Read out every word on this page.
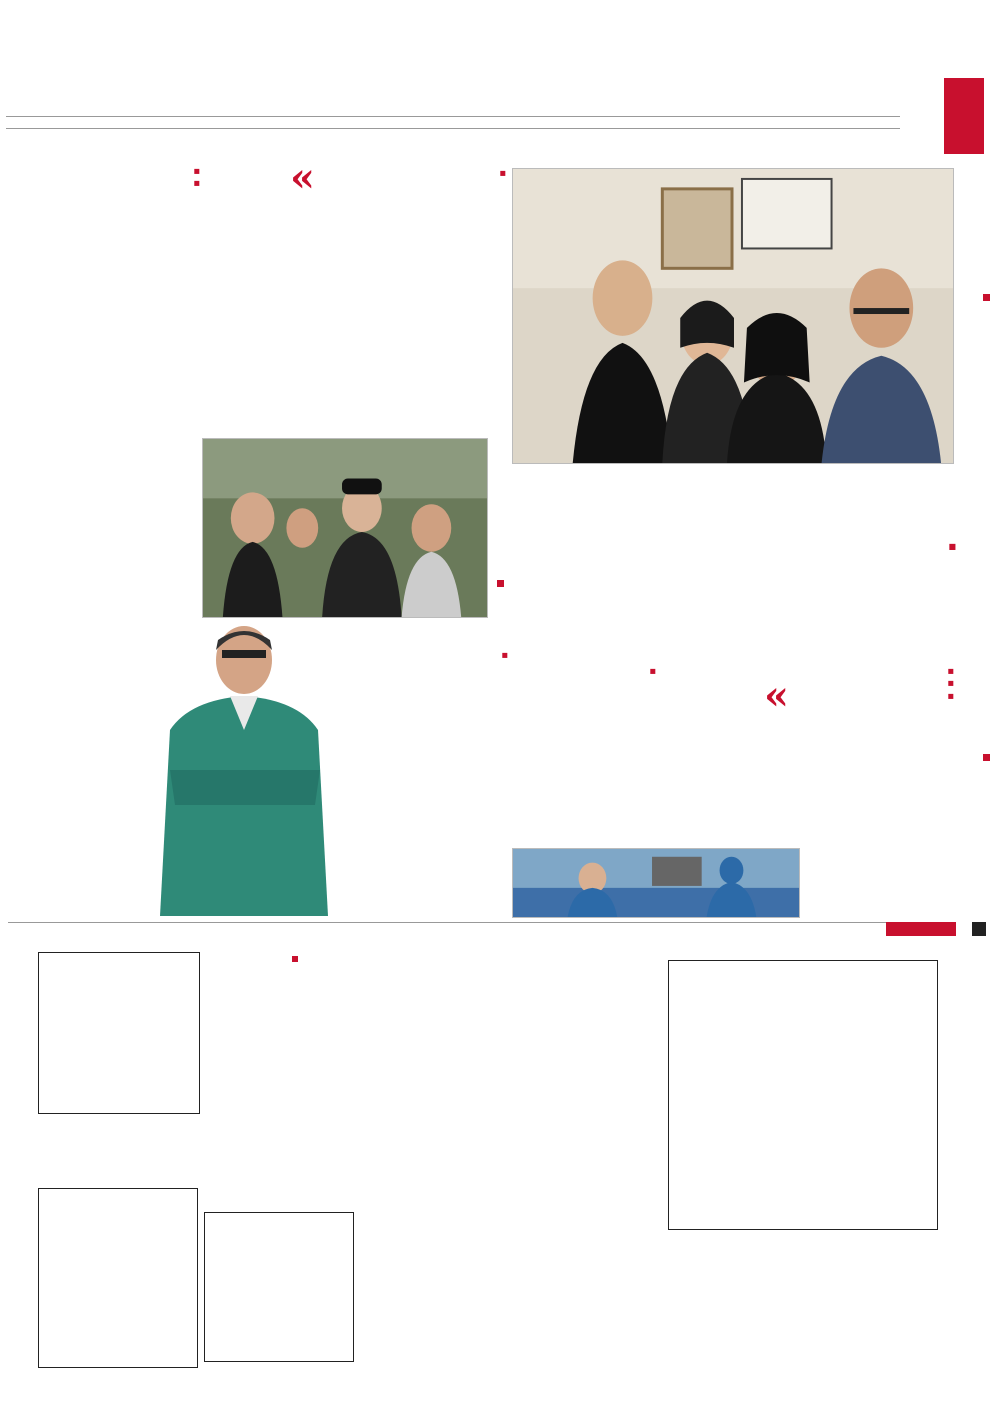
■
■
■
■
»
■
■
■
»
■
■
